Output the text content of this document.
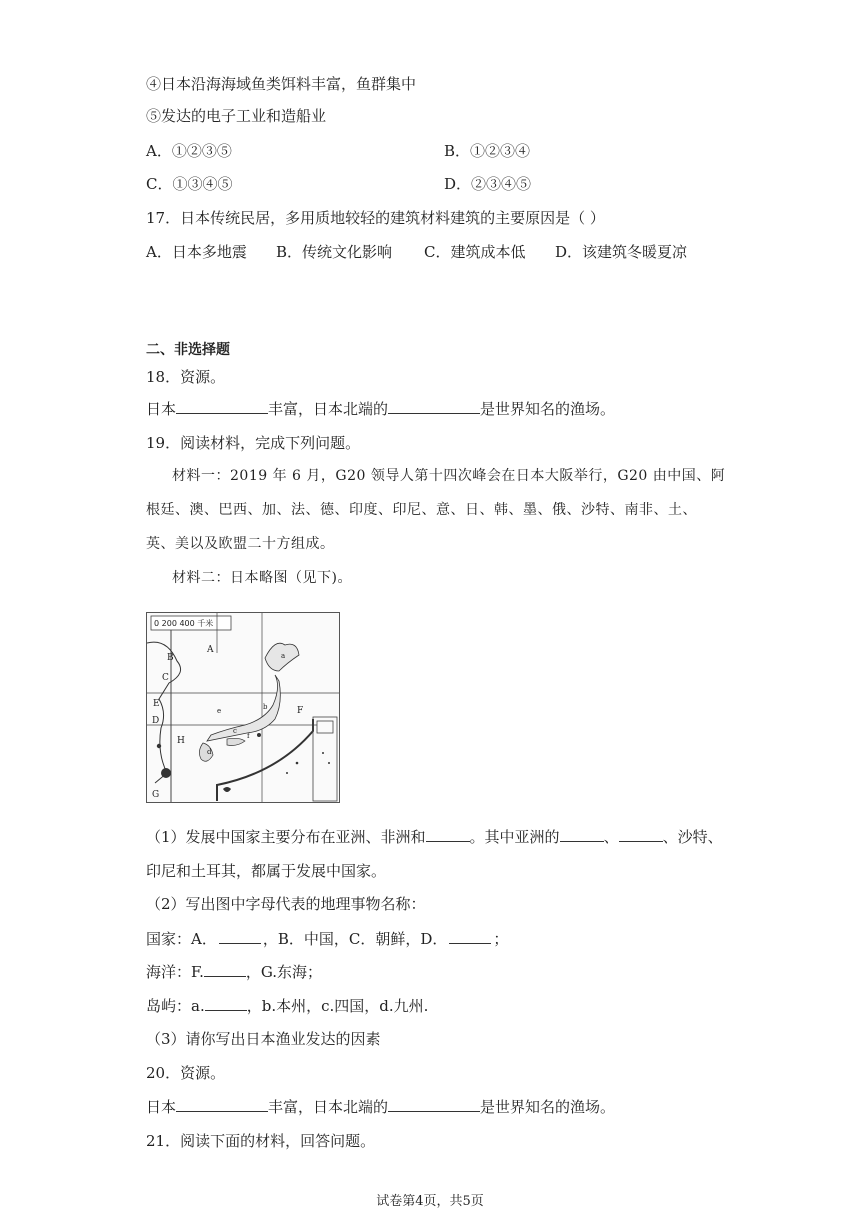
④日本沿海海域鱼类饵料丰富，鱼群集中
⑤发达的电子工业和造船业
A．①②③⑤	B．①②③④
C．①③④⑤	D．②③④⑤
17．日本传统民居，多用质地较轻的建筑材料建筑的主要原因是（ ）
A．日本多地震 B．传统文化影响 C．建筑成本低 D．该建筑冬暖夏凉
二、非选择题
18．资源。
日本	丰富，日本北端的	是世界知名的渔场。
19．阅读材料，完成下列问题。
材料一：2019 年 6 月，G20 领导人第十四次峰会在日本大阪举行，G20 由中国、阿
根廷、澳、巴西、加、法、德、印度、印尼、意、日、韩、墨、俄、沙特、南非、土、
英、美以及欧盟二十方组成。
材料二：日本略图（见下)。
0 200 400 千米
A
B
C
D
E
F
G
H
a
b
c
d
e
f
（1）发展中国家主要分布在亚洲、非洲和	。其中亚洲的	、	、沙特、
印尼和土耳其，都属于发展中国家。
（2）写出图中字母代表的地理事物名称：
国家：A．	，B．中国，C．朝鲜，D．	；
海洋：F.	，G.东海；
岛屿：a.	，b.本州，c.四国，d.九州.
（3）请你写出日本渔业发达的因素
20．资源。
日本	丰富，日本北端的	是世界知名的渔场。
21．阅读下面的材料，回答问题。
试卷第4页，共5页
